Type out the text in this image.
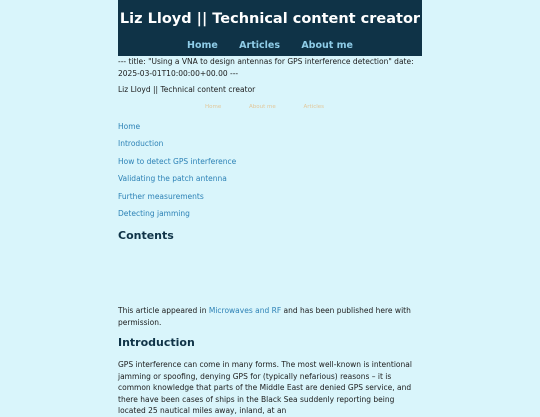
Liz Lloyd || Technical content creator
Home Articles About me
--- title: "Using a VNA to design antennas for GPS interference detection" date: 2025-03-01T10:00:00+00.00 ---
Liz Lloyd || Technical content creator
Home	About me	Articles
Home
Introduction
How to detect GPS interference
Validating the patch antenna
Further measurements
Detecting jamming
Contents
This article appeared in Microwaves and RF and has been published here with permission.
Introduction
GPS interference can come in many forms. The most well-known is intentional jamming or spoofing, denying GPS for (typically nefarious) reasons – it is common knowledge that parts of the Middle East are denied GPS service, and there have been cases of ships in the Black Sea suddenly reporting being located 25 nautical miles away, inland, at an
